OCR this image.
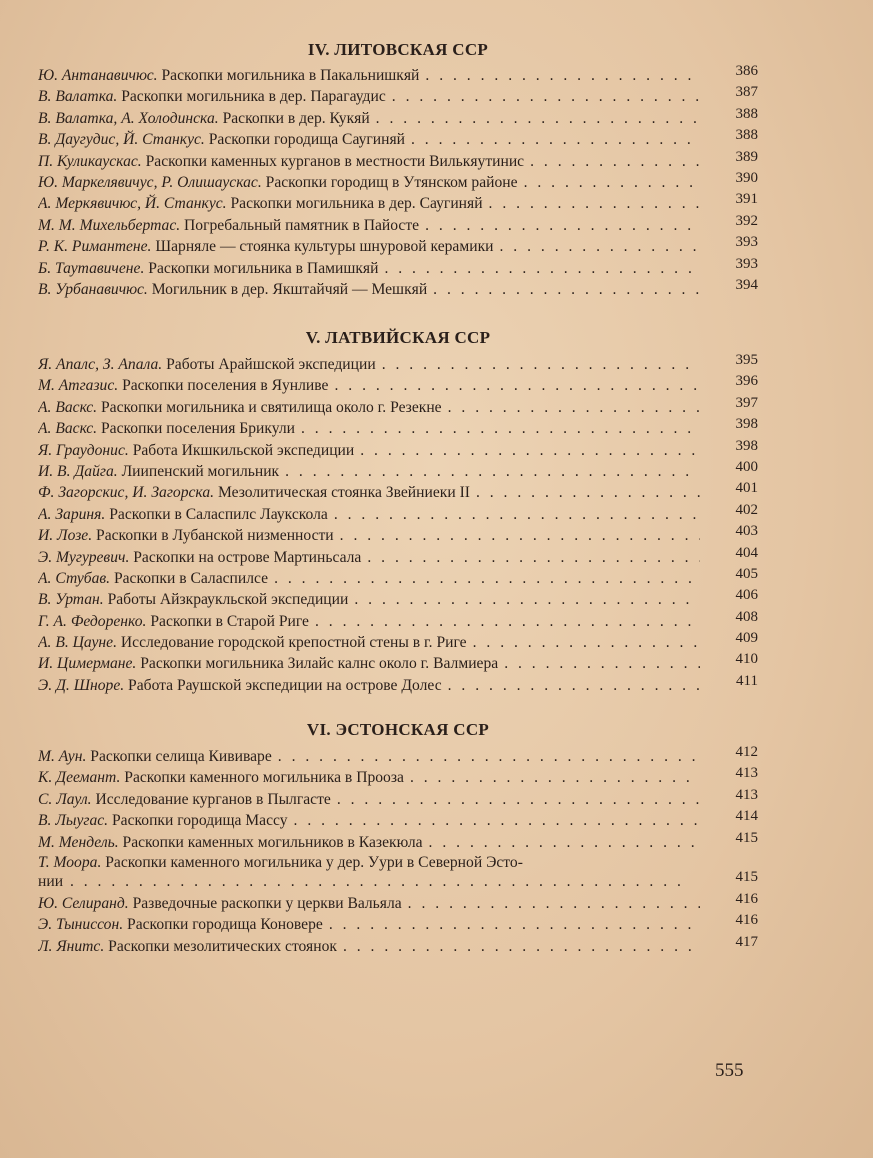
IV. ЛИТОВСКАЯ ССР
Ю. Антанавичюс. Раскопки могильника в Пакальнишкяй . . .	386
В. Валатка. Раскопки могильника в дер. Парагаудис . . .	387
В. Валатка, А. Холодинска. Раскопки в дер. Кукяй . . .	388
В. Даугудис, Й. Станкус. Раскопки городища Саугиняй . . .	388
П. Куликаускас. Раскопки каменных курганов в местности Вилькяутинис . . .	389
Ю. Маркелявичус, Р. Олишаускас. Раскопки городищ в Утянском районе . . .	390
А. Меркявичюс, Й. Станкус. Раскопки могильника в дер. Саугиняй . . .	391
М. М. Михельбертас. Погребальный памятник в Пайосте . . .	392
Р. К. Римантене. Шарняле — стоянка культуры шнуровой керамики . . .	393
Б. Таутавичене. Раскопки могильника в Памишкяй . . .	393
В. Урбанавичюс. Могильник в дер. Якштайчяй — Мешкяй . . .	394
V. ЛАТВИЙСКАЯ ССР
Я. Апалс, З. Апала. Работы Арайшской экспедиции . . .	395
М. Атгазис. Раскопки поселения в Яунливе . . .	396
А. Васкс. Раскопки могильника и святилища около г. Резекне . . .	397
А. Васкс. Раскопки поселения Брикули . . .	398
Я. Граудонис. Работа Икшкильской экспедиции . . .	398
И. В. Дайга. Лиипенский могильник . . .	400
Ф. Загорскис, И. Загорска. Мезолитическая стоянка Звейниеки II . . .	401
А. Зариня. Раскопки в Саласпилс Лаукскола . . .	402
И. Лозе. Раскопки в Лубанской низменности . . .	403
Э. Мугуревич. Раскопки на острове Мартиньсала . . .	404
А. Стубав. Раскопки в Саласпилсе . . .	405
В. Уртан. Работы Айзкраукльской экспедиции . . .	406
Г. А. Федоренко. Раскопки в Старой Риге . . .	408
А. В. Цауне. Исследование городской крепостной стены в г. Риге . . .	409
И. Цимермане. Раскопки могильника Зилайс калнс около г. Валмиера . . .	410
Э. Д. Шноре. Работа Раушской экспедиции на острове Долес . . .	411
VI. ЭСТОНСКАЯ ССР
М. Аун. Раскопки селища Кививаре . . .	412
К. Деемант. Раскопки каменного могильника в Прооза . . .	413
С. Лаул. Исследование курганов в Пылгасте . . .	413
В. Лыугас. Раскопки городища Массу . . .	414
М. Мендель. Раскопки каменных могильников в Казекюла . . .	415
Т. Моора. Раскопки каменного могильника у дер. Уури в Северной Эсто-
нии . . .	415
Ю. Селиранд. Разведочные раскопки у церкви Вальяла . . .	416
Э. Тыниссон. Раскопки городища Коновере . . .	416
Л. Янитс. Раскопки мезолитических стоянок . . .	417
555
